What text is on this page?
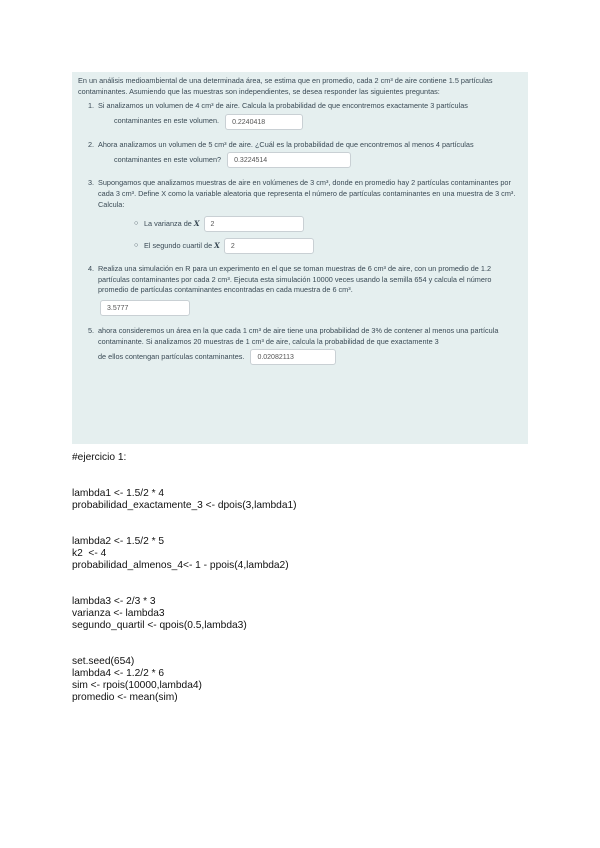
En un análisis medioambiental de una determinada área, se estima que en promedio, cada 2 cm³ de aire contiene 1.5 partículas contaminantes. Asumiendo que las muestras son independientes, se desea responder las siguientes preguntas:

1. Si analizamos un volumen de 4 cm³ de aire. Calcula la probabilidad de que encontremos exactamente 3 partículas
contaminantes en este volumen.	0.2240418
2. Ahora analizamos un volumen de 5 cm³ de aire. ¿Cuál es la probabilidad de que encontremos al menos 4 partículas
contaminantes en este volumen?	0.3224514
3. Supongamos que analizamos muestras de aire en volúmenes de 3 cm³, donde en promedio hay 2 partículas contaminantes por cada 3 cm³. Define X como la variable aleatoria que representa el número de partículas contaminantes en una muestra de 3 cm³. Calcula:
○ La varianza de X	2
○ El segundo cuartil de X	2
4. Realiza una simulación en R para un experimento en el que se toman muestras de 6 cm³ de aire, con un promedio de 1.2 partículas contaminantes por cada 2 cm³. Ejecuta esta simulación 10000 veces usando la semilla 654 y calcula el número promedio de partículas contaminantes encontradas en cada muestra de 6 cm³.
3.5777
5. ahora consideremos un área en la que cada 1 cm³ de aire tiene una probabilidad de 3% de contener al menos una partícula contaminante. Si analizamos 20 muestras de 1 cm³ de aire, calcula la probabilidad de que exactamente 3
de ellos contengan partículas contaminantes.	0.02082113
#ejercicio 1:
lambda1 <- 1.5/2 * 4
probabilidad_exactamente_3 <- dpois(3,lambda1)
lambda2 <- 1.5/2 * 5
k2  <- 4
probabilidad_almenos_4<- 1 - ppois(4,lambda2)
lambda3 <- 2/3 * 3
varianza <- lambda3
segundo_quartil <- qpois(0.5,lambda3)
set.seed(654)
lambda4 <- 1.2/2 * 6
sim <- rpois(10000,lambda4)
promedio <- mean(sim)
